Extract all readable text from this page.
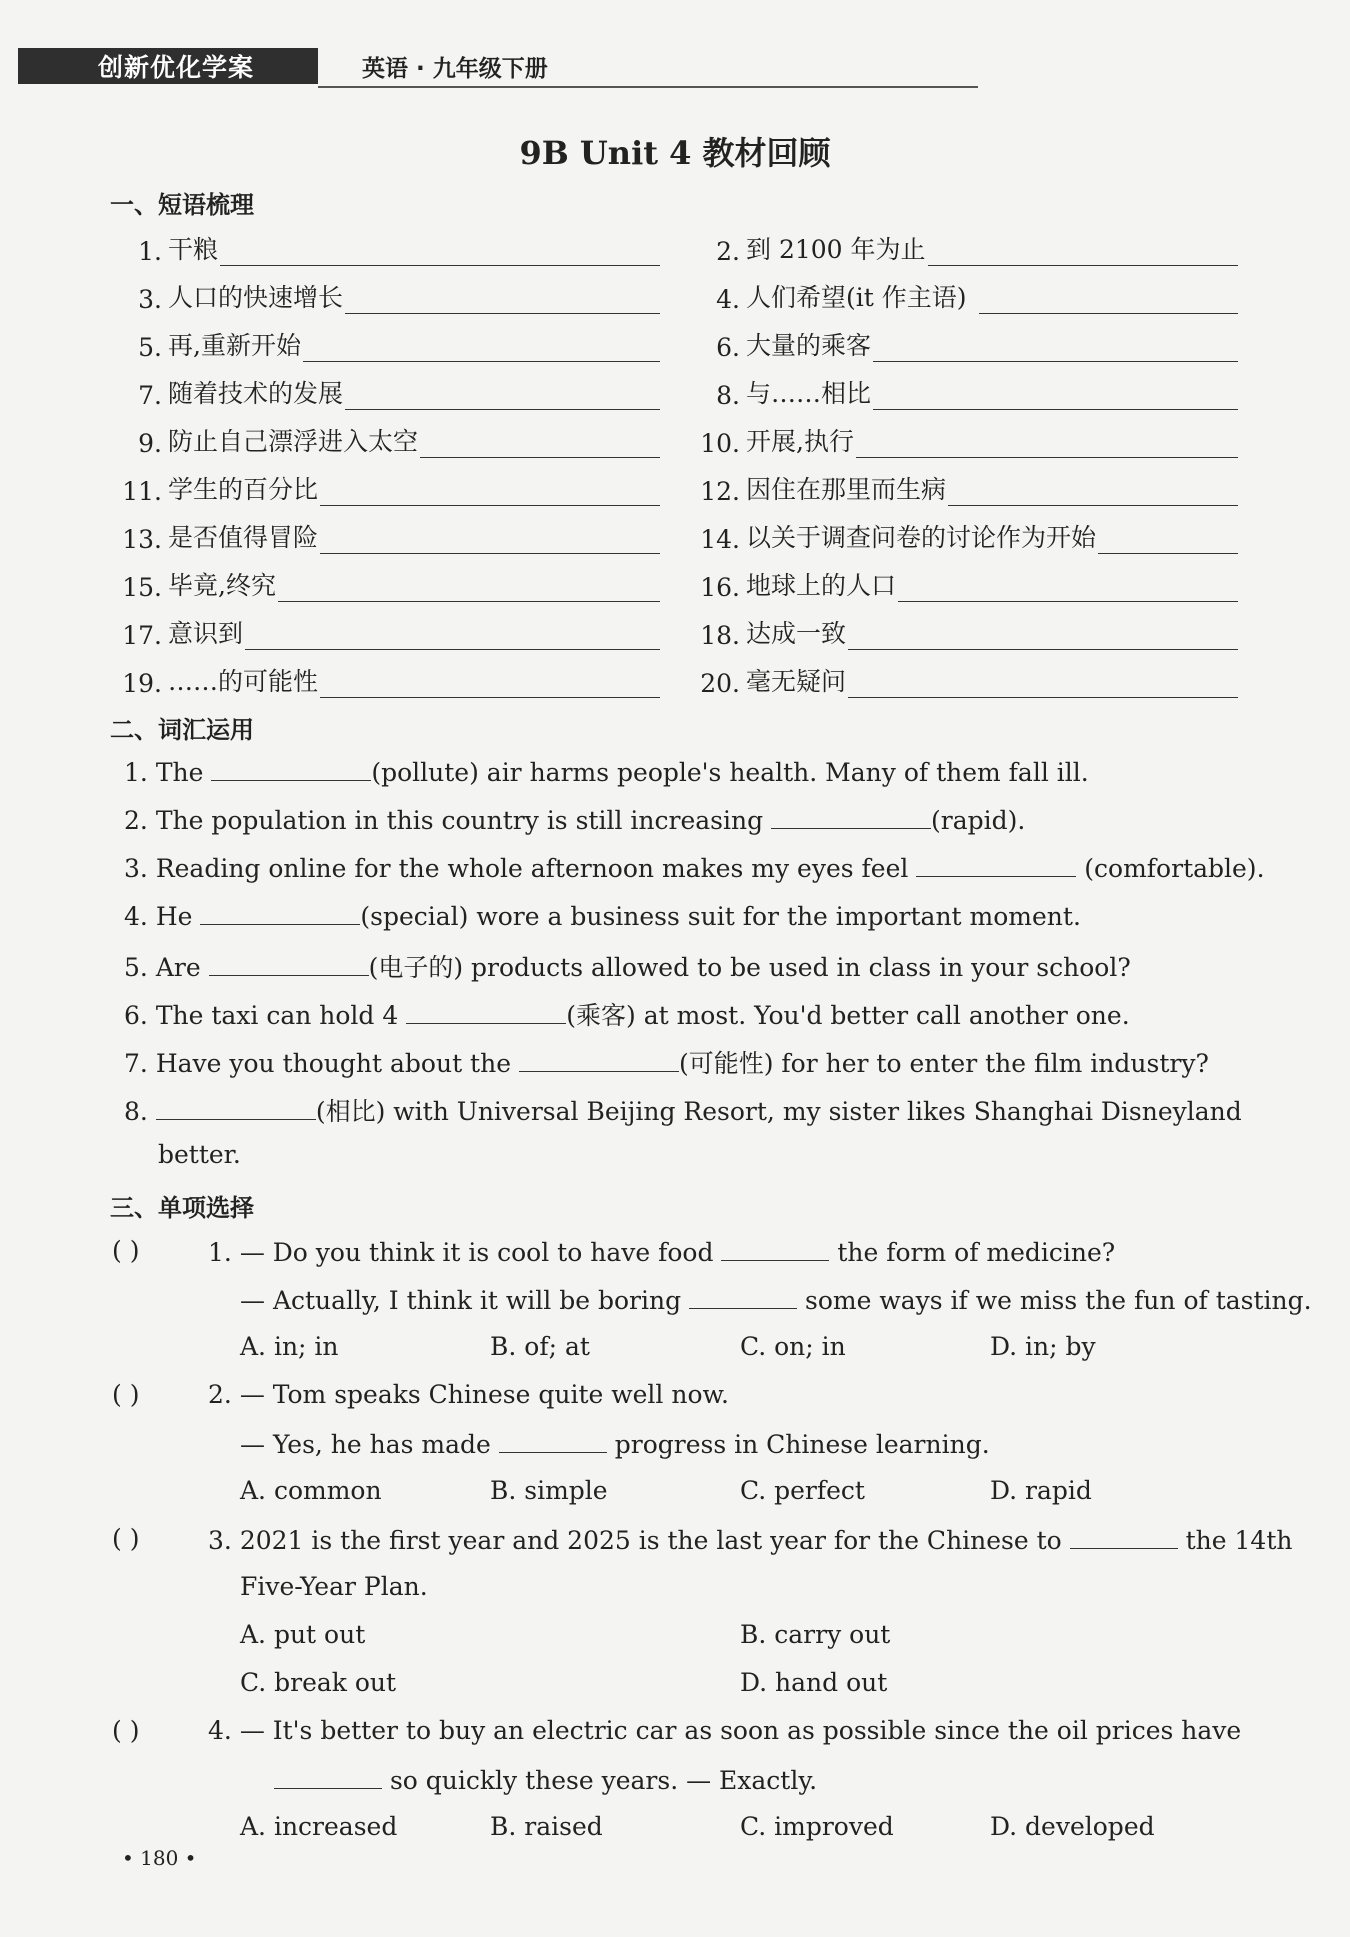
创新优化学案	英语 · 九年级下册
9B Unit 4 教材回顾
一、短语梳理
1. 干粮	2. 到 2100 年为止
3. 人口的快速增长	4. 人们希望(it 作主语)
5. 再,重新开始	6. 大量的乘客
7. 随着技术的发展	8. 与……相比
9. 防止自己漂浮进入太空	10. 开展,执行
11. 学生的百分比	12. 因住在那里而生病
13. 是否值得冒险	14. 以关于调查问卷的讨论作为开始
15. 毕竟,终究	16. 地球上的人口
17. 意识到	18. 达成一致
19. ……的可能性	20. 毫无疑问
二、词汇运用
1. The	(pollute) air harms people's health. Many of them fall ill.
2. The population in this country is still increasing	(rapid).
3. Reading online for the whole afternoon makes my eyes feel	(comfortable).
4. He	(special) wore a business suit for the important moment.
5. Are	(电子的) products allowed to be used in class in your school?
6. The taxi can hold 4	(乘客) at most. You'd better call another one.
7. Have you thought about the	(可能性) for her to enter the film industry?
8.	(相比) with Universal Beijing Resort, my sister likes Shanghai Disneyland
better.
三、单项选择
( )	1. — Do you think it is cool to have food	the form of medicine?
— Actually, I think it will be boring	some ways if we miss the fun of tasting.
A. in; in	B. of; at	C. on; in	D. in; by
( )	2. — Tom speaks Chinese quite well now.
— Yes, he has made	progress in Chinese learning.
A. common	B. simple	C. perfect	D. rapid
( )	3. 2021 is the first year and 2025 is the last year for the Chinese to	the 14th
Five-Year Plan.
A. put out	B. carry out
C. break out	D. hand out
( )	4. — It's better to buy an electric car as soon as possible since the oil prices have
so quickly these years. — Exactly.
A. increased	B. raised	C. improved	D. developed
• 180 •
